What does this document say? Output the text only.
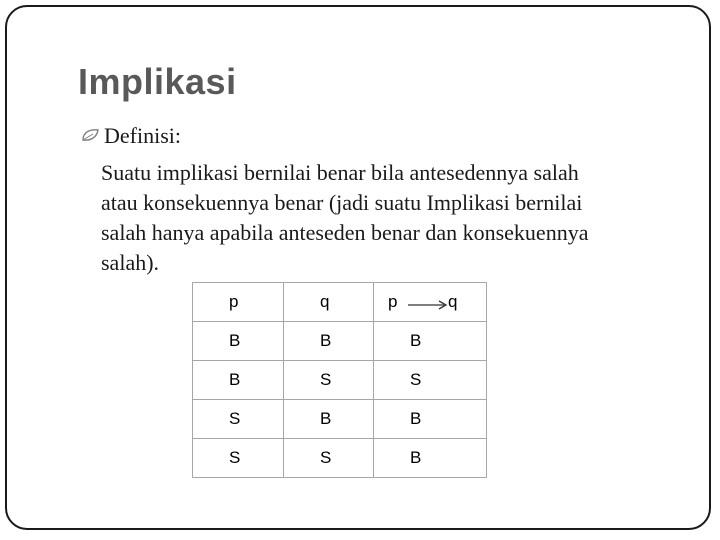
Implikasi
Definisi:
Suatu implikasi bernilai benar bila antesedennya salah
atau konsekuennya benar (jadi suatu Implikasi bernilai
salah hanya apabila anteseden benar dan konsekuennya
salah).
p	q	p q

B	B	B
B	S	S
S	B	B
S	S	B
